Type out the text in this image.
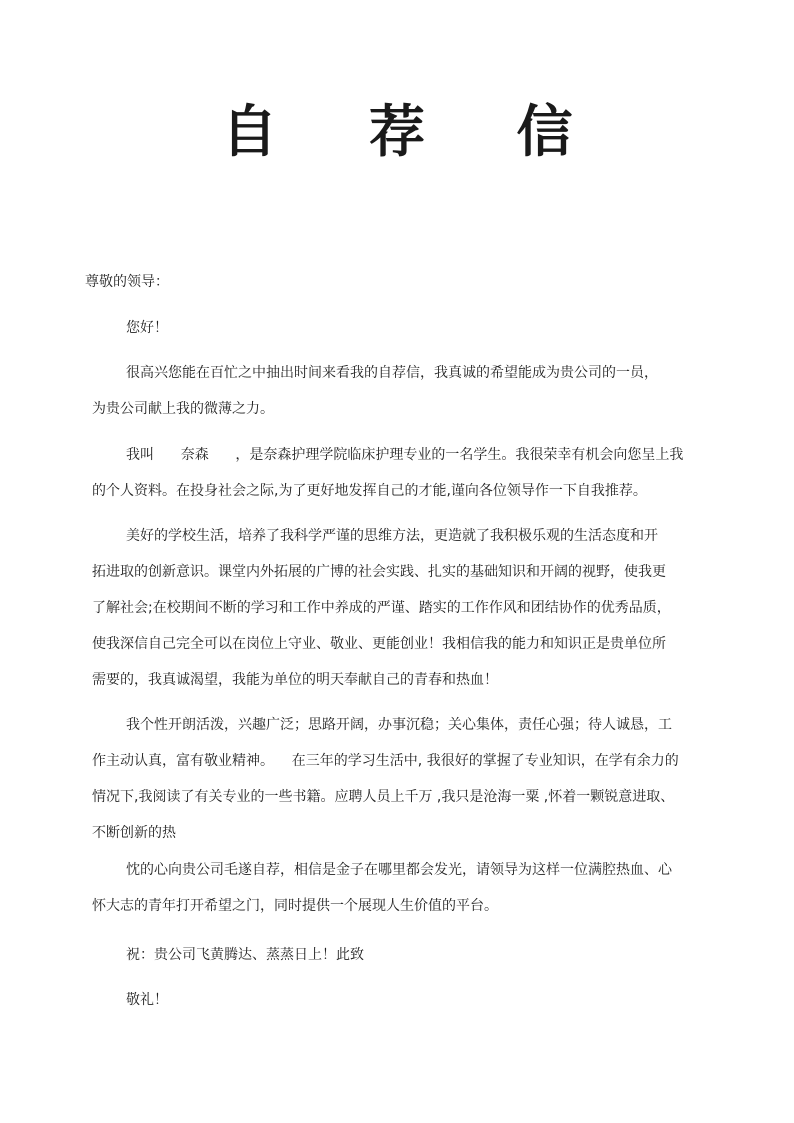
自 荐 信
尊敬的领导：
您好！
很高兴您能在百忙之中抽出时间来看我的自荐信，我真诚的希望能成为贵公司的一员，
为贵公司献上我的微薄之力。
我叫      奈森      ，是奈森护理学院临床护理专业的一名学生。我很荣幸有机会向您呈上我
的个人资料。在投身社会之际,为了更好地发挥自己的才能,谨向各位领导作一下自我推荐。
美好的学校生活，培养了我科学严谨的思维方法，更造就了我积极乐观的生活态度和开
拓进取的创新意识。课堂内外拓展的广博的社会实践、扎实的基础知识和开阔的视野，使我更
了解社会;在校期间不断的学习和工作中养成的严谨、踏实的工作作风和团结协作的优秀品质，
使我深信自己完全可以在岗位上守业、敬业、更能创业！我相信我的能力和知识正是贵单位所
需要的，我真诚渴望，我能为单位的明天奉献自己的青春和热血！
我个性开朗活泼，兴趣广泛；思路开阔，办事沉稳；关心集体，责任心强；待人诚恳，工
作主动认真，富有敬业精神。    在三年的学习生活中, 我很好的掌握了专业知识，在学有余力的
情况下,我阅读了有关专业的一些书籍。应聘人员上千万 ,我只是沧海一粟 ,怀着一颗锐意进取、
不断创新的热
忱的心向贵公司毛遂自荐，相信是金子在哪里都会发光，请领导为这样一位满腔热血、心
怀大志的青年打开希望之门，同时提供一个展现人生价值的平台。
祝：贵公司飞黄腾达、蒸蒸日上！此致
敬礼！
